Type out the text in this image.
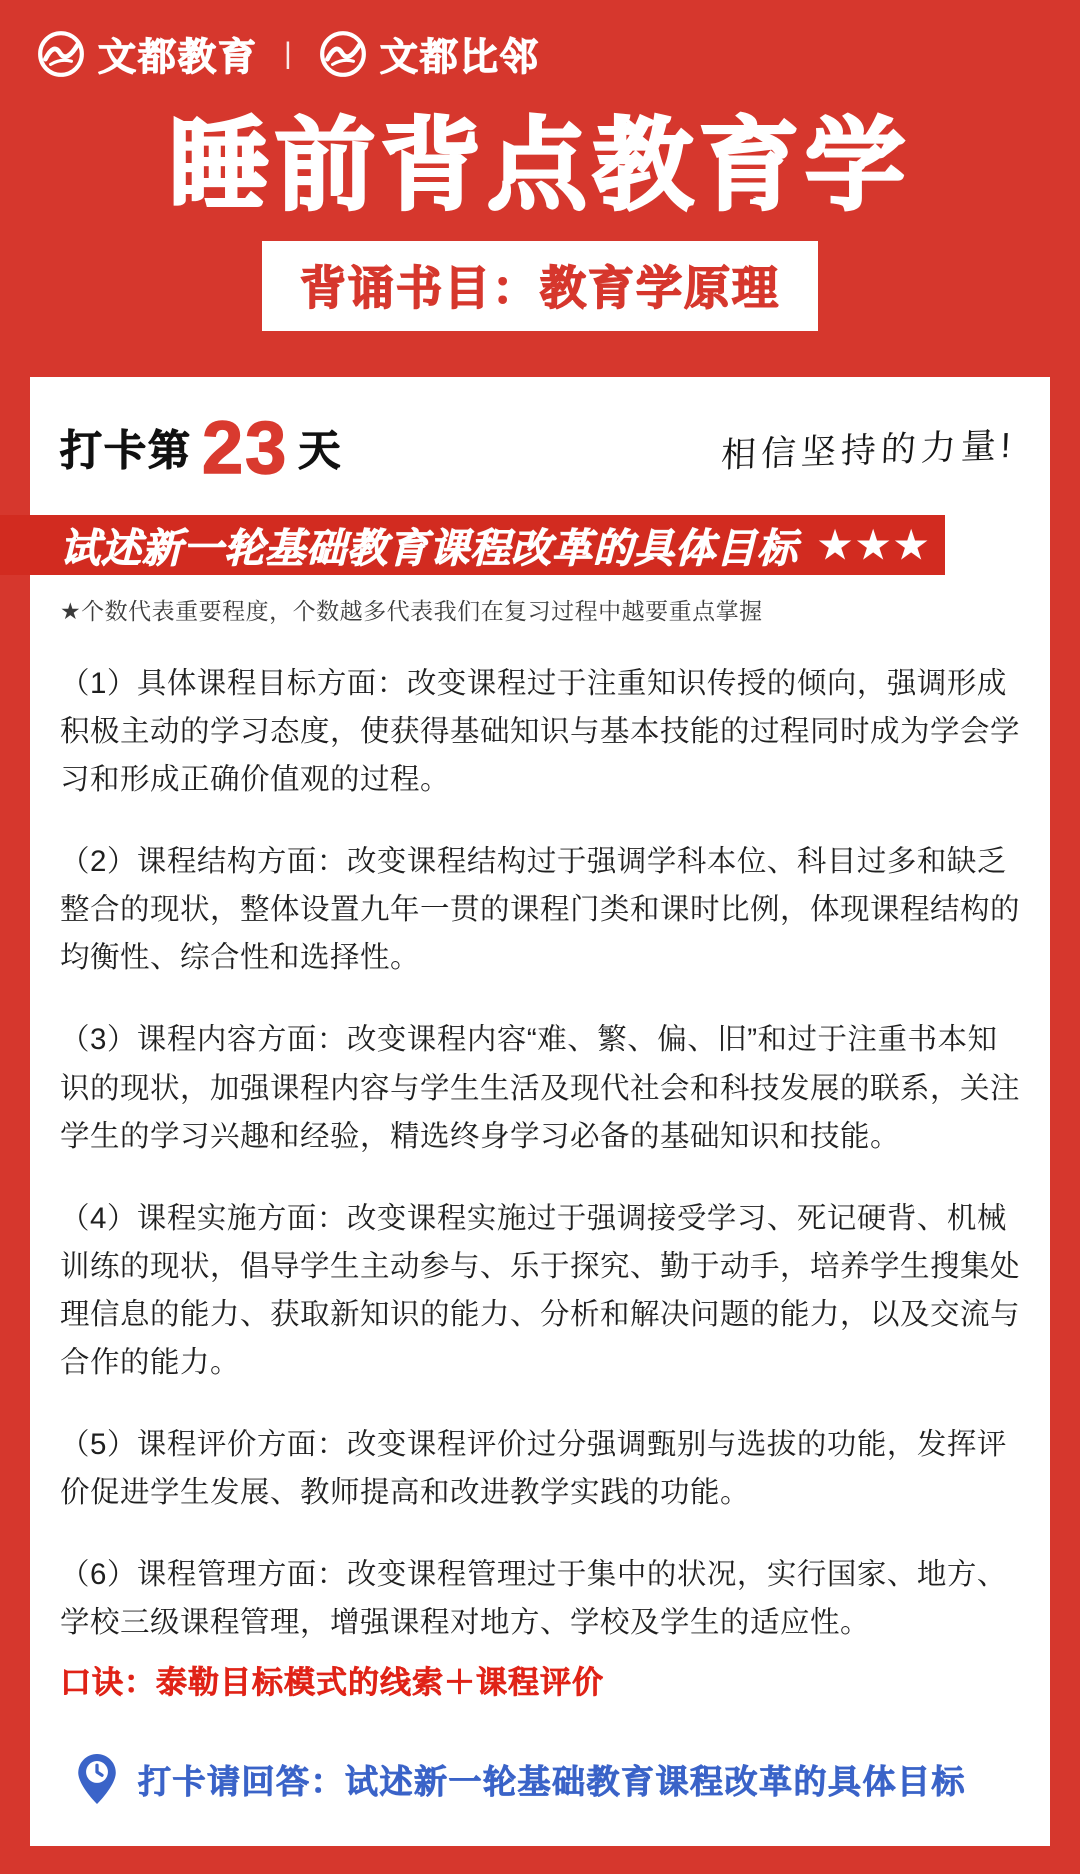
文都教育 | 文都比邻
睡前背点教育学
背诵书目：教育学原理
打卡第 23 天	相信坚持的力量!
试述新一轮基础教育课程改革的具体目标 ★★★

★个数代表重要程度，个数越多代表我们在复习过程中越要重点掌握

（1）具体课程目标方面：改变课程过于注重知识传授的倾向，强调形成积极主动的学习态度，使获得基础知识与基本技能的过程同时成为学会学习和形成正确价值观的过程。

（2）课程结构方面：改变课程结构过于强调学科本位、科目过多和缺乏整合的现状，整体设置九年一贯的课程门类和课时比例，体现课程结构的均衡性、综合性和选择性。

（3）课程内容方面：改变课程内容“难、繁、偏、旧”和过于注重书本知识的现状，加强课程内容与学生生活及现代社会和科技发展的联系，关注学生的学习兴趣和经验，精选终身学习必备的基础知识和技能。

（4）课程实施方面：改变课程实施过于强调接受学习、死记硬背、机械训练的现状，倡导学生主动参与、乐于探究、勤于动手，培养学生搜集处理信息的能力、获取新知识的能力、分析和解决问题的能力，以及交流与合作的能力。

（5）课程评价方面：改变课程评价过分强调甄别与选拔的功能，发挥评价促进学生发展、教师提高和改进教学实践的功能。

（6）课程管理方面：改变课程管理过于集中的状况，实行国家、地方、学校三级课程管理，增强课程对地方、学校及学生的适应性。

口诀：泰勒目标模式的线索＋课程评价

打卡请回答：试述新一轮基础教育课程改革的具体目标
